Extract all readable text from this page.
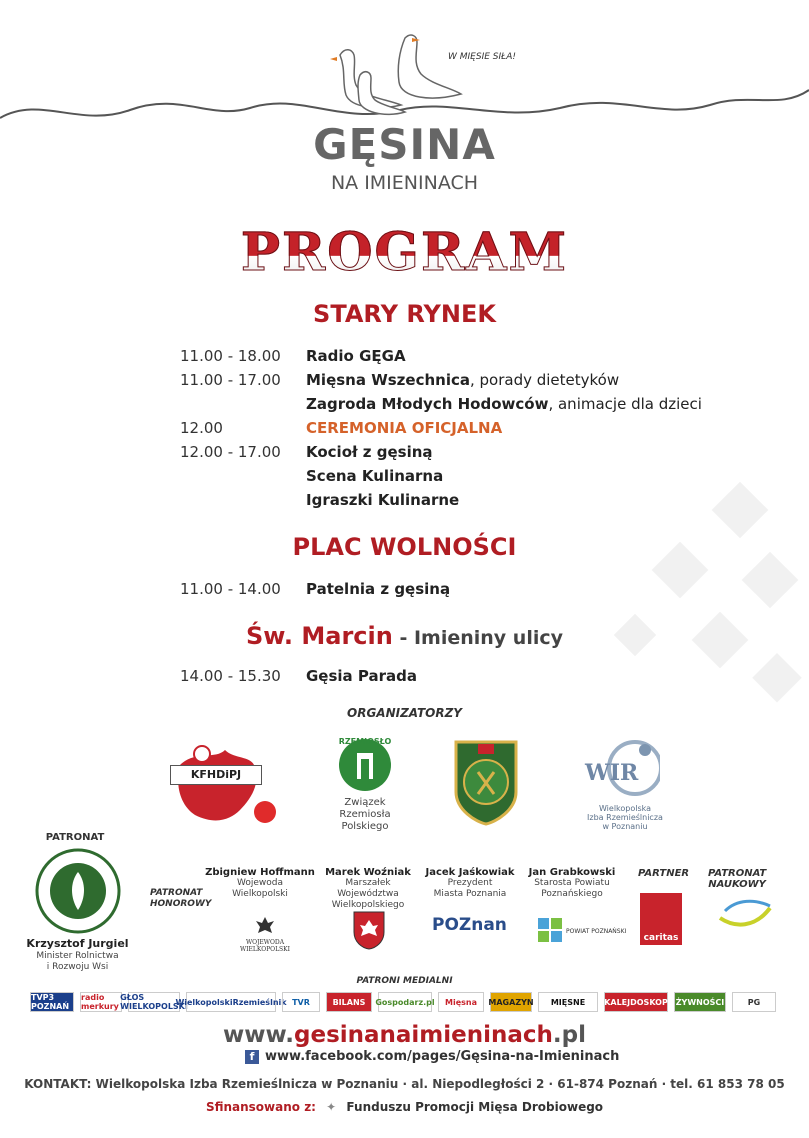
W MIĘSIE SIŁA!
GĘSINA
NA IMIENINACH
PROGRAM
STARY RYNEK
11.00 - 18.00	Radio GĘGA
11.00 - 17.00	Mięsna Wszechnica, porady dietetyków
Zagroda Młodych Hodowców, animacje dla dzieci
12.00	CEREMONIA OFICJALNA
12.00 - 17.00	Kocioł z gęsiną
Scena Kulinarna
Igraszki Kulinarne
PLAC WOLNOŚCI
11.00 - 14.00	Patelnia z gęsiną
Św. Marcin - Imieniny ulicy
14.00 - 15.30	Gęsia Parada
ORGANIZATORZY
KFHDiPJ
RZEMIOSŁO
Związek
Rzemiosła
Polskiego
WIR
Wielkopolska
Izba Rzemieślnicza
w Poznaniu
PATRONAT
Krzysztof Jurgiel
Minister Rolnictwa
i Rozwoju Wsi
PATRONAT
HONOROWY
Zbigniew Hoffmann
Wojewoda
Wielkopolski
WOJEWODA WIELKOPOLSKI
Marek Woźniak
Marszałek
Województwa
Wielkopolskiego
Jacek Jaśkowiak
Prezydent
Miasta Poznania
POZnan
Jan Grabkowski
Starosta Powiatu
Poznańskiego
POWIAT POZNAŃSKI
PARTNER
caritas
PATRONAT
NAUKOWY
PATRONI MEDIALNI
TVP3 POZNAŃ
radio merkury
GŁOS WIELKOPOLSKI
WielkopolskiRzemieślnik TVR	BILANS	Gospodarz.pl	Mięsna	MAGAZYN	MIĘSNE	KALEJDOSKOP ŻYWNOŚCI	PG
www.gesinanaimieninach.pl
f www.facebook.com/pages/Gęsina-na-Imieninach
KONTAKT: Wielkopolska Izba Rzemieślnicza w Poznaniu · al. Niepodległości 2 · 61-874 Poznań · tel. 61 853 78 05
Sfinansowano z: ✦ Funduszu Promocji Mięsa Drobiowego
